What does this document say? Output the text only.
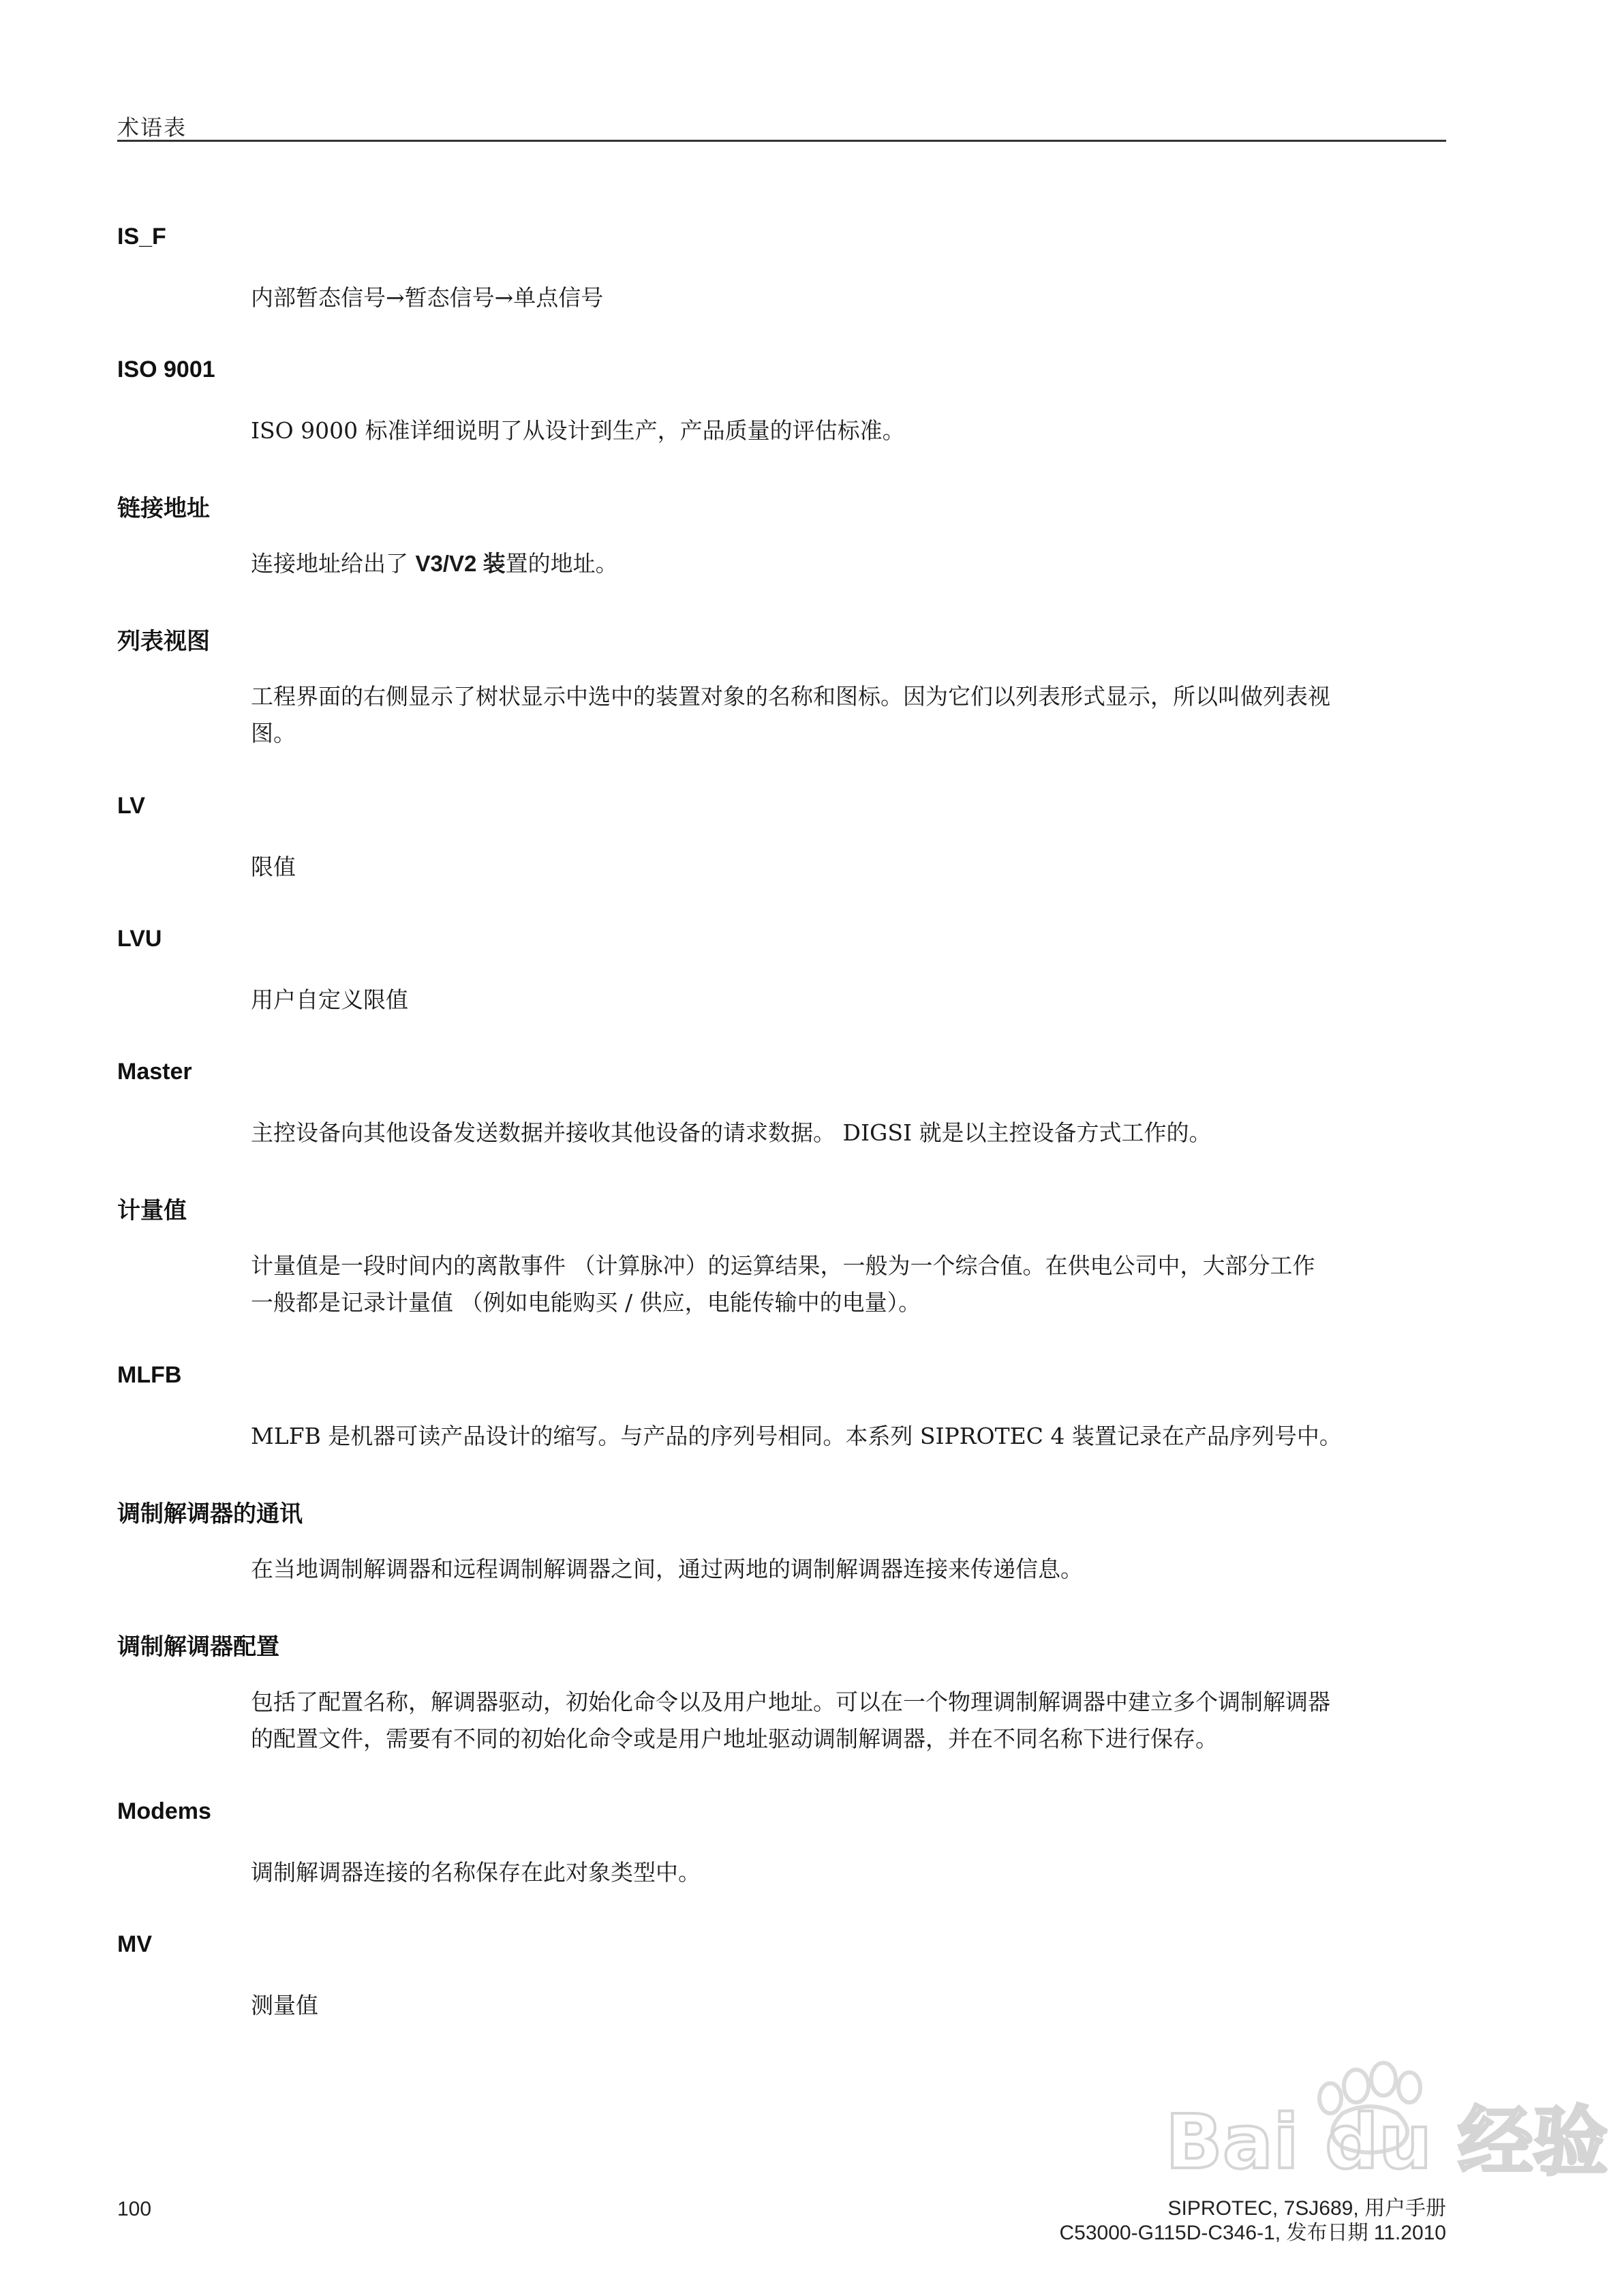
术语表
IS_F
内部暂态信号→暂态信号→单点信号
ISO 9001
ISO 9000 标准详细说明了从设计到生产，产品质量的评估标准。
链接地址
连接地址给出了 V3/V2 装置的地址。
列表视图
工程界面的右侧显示了树状显示中选中的装置对象的名称和图标。因为它们以列表形式显示，所以叫做列表视
图。
LV
限值
LVU
用户自定义限值
Master
主控设备向其他设备发送数据并接收其他设备的请求数据。 DIGSI 就是以主控设备方式工作的。
计量值
计量值是一段时间内的离散事件 （计算脉冲）的运算结果，一般为一个综合值。在供电公司中，大部分工作
一般都是记录计量值 （例如电能购买 / 供应，电能传输中的电量）。
MLFB
MLFB 是机器可读产品设计的缩写。与产品的序列号相同。本系列 SIPROTEC 4 装置记录在产品序列号中。
调制解调器的通讯
在当地调制解调器和远程调制解调器之间，通过两地的调制解调器连接来传递信息。
调制解调器配置
包括了配置名称，解调器驱动，初始化命令以及用户地址。可以在一个物理调制解调器中建立多个调制解调器
的配置文件，需要有不同的初始化命令或是用户地址驱动调制解调器，并在不同名称下进行保存。
Modems
调制解调器连接的名称保存在此对象类型中。
MV
测量值
Bai du 经验
100	SIPROTEC, 7SJ689, 用户手册
C53000-G115D-C346-1, 发布日期 11.2010
